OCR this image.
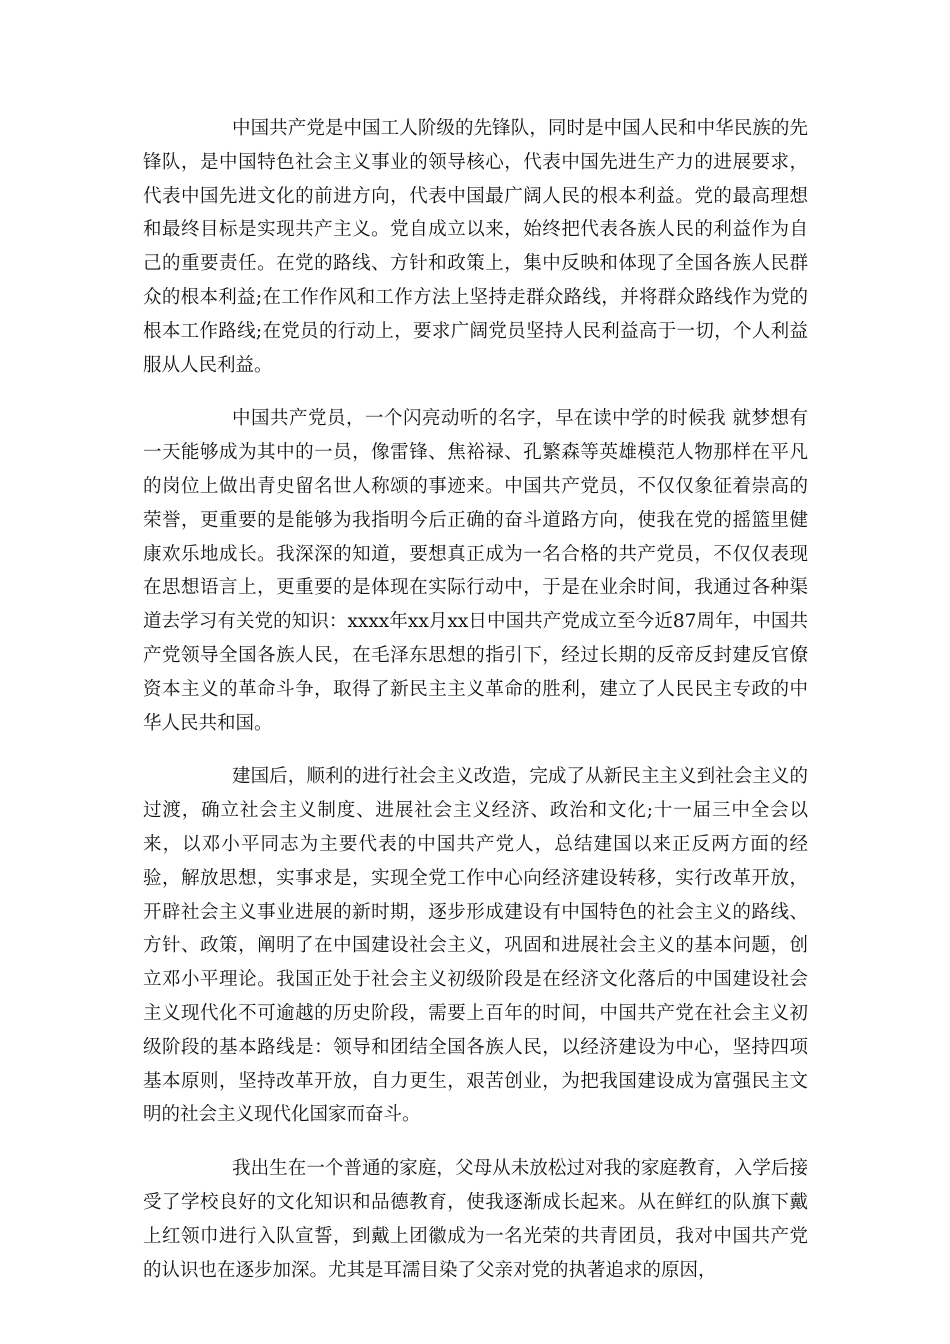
中国共产党是中国工人阶级的先锋队，同时是中国人民和中华民族的先锋队，是中国特色社会主义事业的领导核心，代表中国先进生产力的进展要求，代表中国先进文化的前进方向，代表中国最广阔人民的根本利益。党的最高理想和最终目标是实现共产主义。党自成立以来，始终把代表各族人民的利益作为自己的重要责任。在党的路线、方针和政策上，集中反映和体现了全国各族人民群众的根本利益;在工作作风和工作方法上坚持走群众路线，并将群众路线作为党的根本工作路线;在党员的行动上，要求广阔党员坚持人民利益高于一切，个人利益服从人民利益。

中国共产党员，一个闪亮动听的名字，早在读中学的时候我 就梦想有一天能够成为其中的一员，像雷锋、焦裕禄、孔繁森等英雄模范人物那样在平凡的岗位上做出青史留名世人称颂的事迹来。中国共产党员，不仅仅象征着崇高的荣誉，更重要的是能够为我指明今后正确的奋斗道路方向，使我在党的摇篮里健康欢乐地成长。我深深的知道，要想真正成为一名合格的共产党员，不仅仅表现在思想语言上，更重要的是体现在实际行动中，于是在业余时间，我通过各种渠道去学习有关党的知识：xxxx年xx月xx日中国共产党成立至今近87周年，中国共产党领导全国各族人民，在毛泽东思想的指引下，经过长期的反帝反封建反官僚资本主义的革命斗争，取得了新民主主义革命的胜利，建立了人民民主专政的中华人民共和国。

建国后，顺利的进行社会主义改造，完成了从新民主主义到社会主义的过渡，确立社会主义制度、进展社会主义经济、政治和文化;十一届三中全会以来，以邓小平同志为主要代表的中国共产党人，总结建国以来正反两方面的经验，解放思想，实事求是，实现全党工作中心向经济建设转移，实行改革开放，开辟社会主义事业进展的新时期，逐步形成建设有中国特色的社会主义的路线、方针、政策，阐明了在中国建设社会主义，巩固和进展社会主义的基本问题，创立邓小平理论。我国正处于社会主义初级阶段是在经济文化落后的中国建设社会主义现代化不可逾越的历史阶段，需要上百年的时间，中国共产党在社会主义初级阶段的基本路线是：领导和团结全国各族人民，以经济建设为中心，坚持四项基本原则，坚持改革开放，自力更生，艰苦创业，为把我国建设成为富强民主文明的社会主义现代化国家而奋斗。

我出生在一个普通的家庭，父母从未放松过对我的家庭教育，入学后接受了学校良好的文化知识和品德教育，使我逐渐成长起来。从在鲜红的队旗下戴上红领巾进行入队宣誓，到戴上团徽成为一名光荣的共青团员，我对中国共产党的认识也在逐步加深。尤其是耳濡目染了父亲对党的执著追求的原因，
